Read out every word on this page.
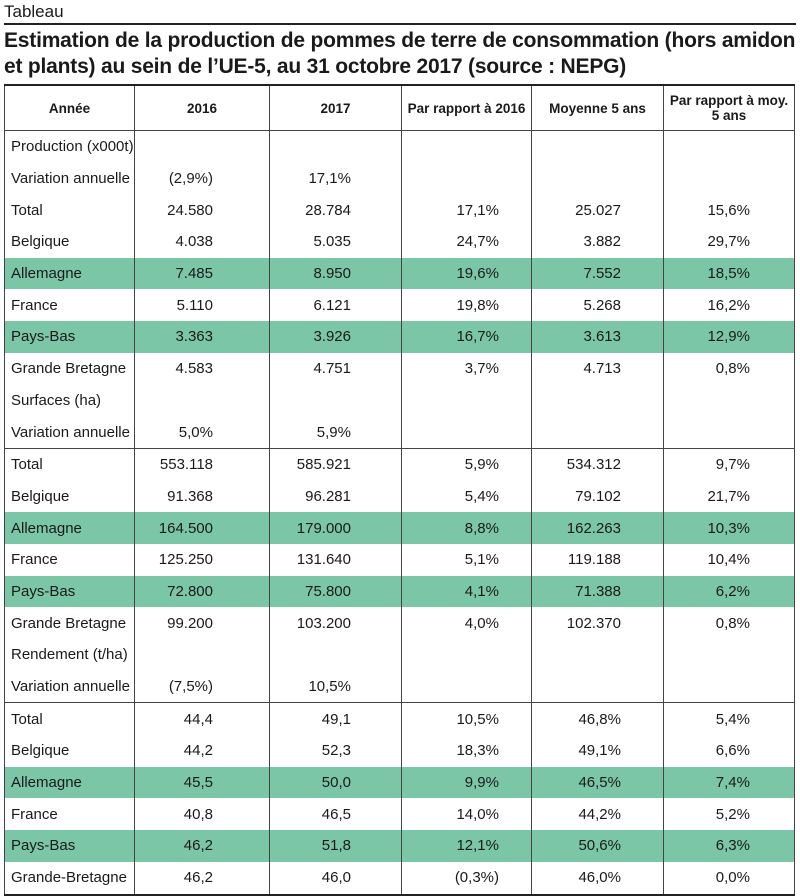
Tableau
Estimation de la production de pommes de terre de consommation (hors amidon
et plants) au sein de l’UE-5, au 31 octobre 2017 (source : NEPG)
Année	2016	2017	Par rapport à 2016	Moyenne 5 ans	Par rapport à moy. 5 ans
Production (x000t)					
Variation annuelle	(2,9%)	17,1%			
Total	24.580	28.784	17,1%	25.027	15,6%
Belgique	4.038	5.035	24,7%	3.882	29,7%
Allemagne	7.485	8.950	19,6%	7.552	18,5%
France	5.110	6.121	19,8%	5.268	16,2%
Pays-Bas	3.363	3.926	16,7%	3.613	12,9%
Grande Bretagne	4.583	4.751	3,7%	4.713	0,8%
Surfaces (ha)					
Variation annuelle	5,0%	5,9%			
Total	553.118	585.921	5,9%	534.312	9,7%
Belgique	91.368	96.281	5,4%	79.102	21,7%
Allemagne	164.500	179.000	8,8%	162.263	10,3%
France	125.250	131.640	5,1%	119.188	10,4%
Pays-Bas	72.800	75.800	4,1%	71.388	6,2%
Grande Bretagne	99.200	103.200	4,0%	102.370	0,8%
Rendement (t/ha)					
Variation annuelle	(7,5%)	10,5%			
Total	44,4	49,1	10,5%	46,8%	5,4%
Belgique	44,2	52,3	18,3%	49,1%	6,6%
Allemagne	45,5	50,0	9,9%	46,5%	7,4%
France	40,8	46,5	14,0%	44,2%	5,2%
Pays-Bas	46,2	51,8	12,1%	50,6%	6,3%
Grande-Bretagne	46,2	46,0	(0,3%)	46,0%	0,0%
